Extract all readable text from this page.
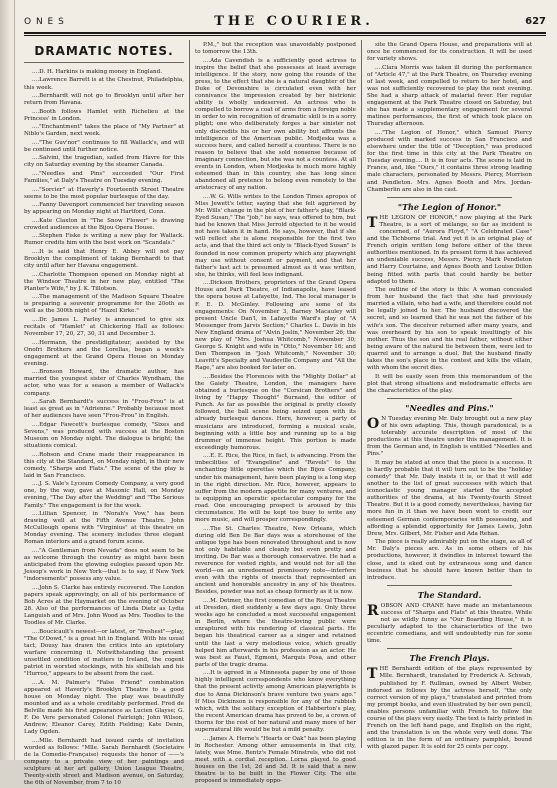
O N E S	THE COURIER.	627
DRAMATIC NOTES.

....D. H. Harkins is making money in England.

....Lawrence Barrett is at the Chestnut, Philadelphia, this week.

....Bernhardt will not go to Brooklyn until after her return from Havana.

....Booth follows Hamlet with Richelieu at the Princess' in London.

...."Enchantment" takes the place of "My Partner" at Niblo's Garden, next week.

...."The Guv'nor" continues to fill Wallack's, and will be continued until further notice.

....Salvini, the tragedian, sailed from Havre for this city on Saturday evening by the steamer Canada.

...."Needles and Pins" succeeded "Our First Families," at Daly's Theatre on Tuesday evening.

...."Sorcier" at Haverly's Fourteenth Street Theatre seems to be the most popular burlesque of the day.

....Fanny Davenport commenced her traveling season by appearing on Monday night at Hartford, Conn.

....Kate Claxton in "The Snow Flower" is drawing crowded audiences at the Bijou Opera House.

....Stephen Fiske is writing a new play for Wallack. Rumor credits him with the best work on "Scandals."

....It is said that Henry E. Abbey will not pay Brooklyn the compliment of taking Bernhardt to that city until after her Havana engagement.

....Charlotte Thompson opened on Monday night at the Windsor Theatre in her new play, entitled "The Planter's Wife," by J. K. Tillotson.

....The management of the Madison Square Theatre is preparing a souvenir programme for the 20oth as well as the 300th night of "Hazel Kirke."

....Dr. James L. Farley is announced to give six recitals of "Hamlet" at Chickering Hall as follows: November 17, 20, 27, 30, 31 and December 3.

....Hermann, the prestidigitateur, assisted by the Onofri Brothers and the Lorellas, began a week's engagement at the Grand Opera House on Monday evening.

....Bronson Howard, the dramatic author, has married the youngest sister of Charles Wyndham, the actor, who was for a season a member of Wallack's company.

....Sarah Bernhardt's success in "Frou-Frou" is at least as great as in "Adrienne." Probably because most of her audiences have seen "Frou-Frou" in English.

....Edgar Fawcett's burlesque comedy, "Sixes and Sevens," was produced with success at the Boston Museum on Monday night. The dialogue is bright; the situations comical.

....Robson and Crane made their reappearance in this city at the Standard, on Monday night, in their new comedy, "Sharps and Flats." The scene of the play is laid in San Francisco.

....J. S. Vale's Lyceum Comedy Company, a very good one, by the way, gave at Masonic Hall, on Monday evening, "The Day after the Wedding" and "The Serious Family." The engagement is for the week.

....Lillian Spencer, in "Norah's Vow," has been drawing well at the Fifth Avenue Theatre. John McCullough opens with "Virginius" at this theatre on Monday evening. The scenery includes three elegant Roman interiors and a grand forum scene.

...."A Gentleman from Nevada" does not seem to be as welcome through the country as might have been anticipated from the glowing eulogies passed upon Mr. Jessop's work in New York—that is to say, if New York "indorsements" possess any value.

....John S. Clarke has entirely recovered. The London papers speak approvingly, on all of his performance of Bob Acres at the Haymarket on the evening of October 28. Also of the performances of Linda Dietz as Lydia Languish and of Mrs. John Wood as Mrs. Toodles to the Toodles of Mr. Clarke.

....Boucicault's newest—or latest, or "freshest"—play, "The O'Dowd," is a great hit in England. With his usual tact, Dousy has drawn the critics into an epistolary warfare concerning it. Notwithstanding the present unsettled condition of matters in Ireland, the cogent patriot in worsted stockings, with his shillelah and his "Hurroo," appears to be absent from the cast.

....A. M. Palmer's "False Friend" combination appeared at Haverly's Brooklyn Theatre to a good house on Monday night. The play was beautifully mounted and as a whole creditably performed. Fred de Belville made his first appearance as Lucien Glayse; G. F. De Vere personated Colonel Fairleigh; John Wilson, Andrew; Eleanor Carey, Edith Fielding; Kate Denin, Lady Ogden.

....Mlle. Bernhardt had issued cards of invitation worded as follows: "Mlle. Sarah Bernhardt (Societaire de la Comedie-Française) requests the honor of ——'s company to a private view of her paintings and sculpture at her art gallery, Union League Theatre, Twenty-sixth street and Madison avenue, on Saturday, the 6th of November, from 7 to 10

P.M.," but the reception was unavoidably postponed to tomorrow the 13th.

....Ada Cavendish is a sufficiently good actress to inspire the belief that she possesses at least average intelligence. If the story, now going the rounds of the press, to the effect that she is a natural daughter of the Duke of Devonshire is circulated even with her connivance the impression created by her histrionic ability is wholly undeserved. An actress who is compelled to borrow a coat of arms from a foreign noble in order to win recognition of dramatic skill is in a sorry plight; one who deliberately forges a bar sinister not only discredits his or her own ability but affronts the intelligence of the American public. Modjeska was a success here, and called herself a countess. There is no reason to believe that she sold nonsense because of imaginary connection, but she was not a countess. At all events in London, when Modjeska is much more highly esteemed than in this country, she has long since abandoned all pretence to belong even remotely to the aristocracy of any nation.

....W. G. Wills writes to the London Times apropos of Miss Jewett's letter, saying that she felt aggrieved by Mr. Wills' change in the plot of her father's play, "Black-Eyed Susan," The "job," he says, was offered to him, but had he known that Miss Jerrold objected to it he would not have taken it in hand. He says, however, that if she will reflect she is alone responsible for the first two acts, and that the third act only is "Black-Eyed Susan" is founded in now common property which any playwright may use without consent or payment, and that her father's last act is presumed almost as it was written, she, he thinks, will feel less indignant.

....Dickson Brothers, proprietors of the Grand Opera House and Park Theatre, of Indianapolis, have leased the opera house at Lafayette, Ind. The local manager is F. E. D. McGinley. Following are some of its engagements: On November 3, Barney Macauley will present Uncle Dan'l, in Lafayette Ward's play of "A Messenger from Jarvis Section;" Charles L. Davis in his New England drama of "Alvin Joslin," November 26; the new play of "Mrs. Joshua Whitcomb," November 30; George S. Knight and wife in "Otto," November 16; and Den Thompson in "Josh Whitcomb," November 30; Leavitt's Specialty and Vaudeville Company and "All the Rage," are also booked for later on.

....Besides the Florences with the "Mighty Dollar" at the Gaiety Theatre, London, the managers have obtained a burlesque on the "Corsican Brothers" and living by "Happy Thought" Burnand, the editor of Punch. As far as possible the original is pretty closely followed, the ball scene being seized upon with its already burlesque dances. Here, however, a party of musicians are introduced, forming a musical scale, beginning with a little boy and running up to a big drummer of immense height. This portion is made exceedingly humorous.

....E. E. Rice, the Rice, in fact, is advancing. From the imbecilities of "Evangeline" and "Revels" to the enchanting little operettas which the Bijou Company, under his management, have been playing is a long step in the right direction. Mr. Rice, however, appears to suffer from the modern appetite for many ventures, and is equipping an operatic spectacular company for the road. One encouraging prospect is aroused by this circumstance. He will be kept too busy to write any more music, and will prosper correspondingly.

....The St. Charles Theatre, New Orleans, which during old Ben De Bar days was a storehouse of the antique type has been renovated throughout and is now not only habitable and cleanly but even pretty and inviting. De Bar was a thorough conservative. He had a reverence for vested rights, and would not for all the world—on an unredeemed promissory note—interfere even with the rights of insects that represented an ancient and honorable ancestry in any of his theatres. Besides, powder was not as cheap formerly as it is now.

....M. Detmer, the first comedian of the Royal Theatre at Dresden, died suddenly a few days ago. Only three weeks ago he concluded a most successful engagement in Berlin, where the theatre-loving public were enraptured with his rendering of classical parts. He began his theatrical career as a singer and retained until the last a very melodious voice, which greatly helped him afterwards in his profession as an actor. He was best as Faust, Egmont, Marquis Posa, and other parts of the tragic drama.

....It is agreed in a Minnesota paper by one of those highly intelligent correspondents who know everything that the present activity among American playwrights is due to Anna Dickinson's brave venture two years ago." If Miss Dickinson is responsible for any of the rubbish which, with the solitary exception of Habberton's play, the recent American drama has proved to be, a crown of thorns for the rest of her natural and many more of her supernatural life would be but a mild penalty.

....James A. Herne's "Hearts or Oak" has been playing in Rochester. Among other amusements in that city, lately, was Mme. Rentz's Female Minstrels, who did not meet with a cordial reception. Lorna played to good houses on the 1st, 2d and 3d. It is said that a new theatre is to be built in the Flower City. The site proposed is immediately oppo-

site the Grand Opera House, and preparations will at once be commenced for its construction. It will be used for variety shows.

....Clara Morris was taken ill during the performance of "Article 47," at the Park Theatre, on Thursday evening of last week, and compelled to return to her hotel, and was not sufficiently recovered to play the next evening. She had a sharp attack of malarial fever. Her regular engagement at the Park Theatre closed on Saturday, but she has made a supplementary engagement for several matinee performances, the first of which took place on Thursday afternoon.

...."The Legion of Honor," which Samuel Piercy produced with marked success in San Francisco and elsewhere under the title of "Deception," was produced for the first time in this city at the Park Theatre on Tuesday evening.... It is in four acts. The scene is laid in France, and, like "Ours," it contains three strong leading male characters, personated by Messrs. Piercy, Morrison and Pendleton. Mrs. Agnes Booth and Mrs. Jordan-Chamberlin are also in the cast.

"The Legion of Honor."

THE LEGION OF HONOR," now playing at the Park Theatre, is a sort of mélange, so far as incident is concerned, of "Aurora Floyd," "A Celebrated Case" and the Tichborne trial. And yet it is an original play of French origin written long before either of the three authorities mentioned. In its present form it has achieved an undeniable success, Messrs. Piercy, Mark Pendleton and Harry Courtaine, and Agnes Booth and Louise Dillon being fitted with parts that could hardly be better adapted to them.

The outline of the story is this: A woman concealed from her husband the fact that she had previously married a villain, who had a wife, and therefore could not be legally joined to her. The husband discovered the secret, and so learned that he was not the father of his wife's son. The deceiver returned after many years, and was overheard by his son to speak insultingly of his mother. Thus the son and his real father, without either being aware of the natural tie between them, were led to quarrel and to arrange a duel. But the husband finally takes the son's place in the contest and kills the villain, with whom the secret dies.

It will be easily seen from this memorandum of the plot that strong situations and melodramatic effects are the characteristics of the play.

"Needles and Pins."

O N Tuesday evening Mr. Daly brought out a new play of his own adapting. This, though paradoxical, is a tolerably accurate description of most of the productions at this theatre under this management. It is from the German and, in English is entitled "Needles and Pins."

It may be stated at once that the piece is a success. It is hardly probable that it will turn out to be the "holiday comedy" that Mr. Daly insists it is, or that it will add another to the list of great successes with which that iconoclastic young manager started the accepted authorities of the drama, at his Twenty-fourth Street Theatre. But it is a good comedy, nevertheless, having far more fun in it than we have been wont to credit our esteemed German contemporaries with possessing, and affording a splendid opportunity for James Lewis, John Drew, Mrs. Gilbert, Mr. Fisher and Ada Rehan.

The piece is really admirably put on the stage, as all of Mr. Daly's pieces are. As in some others of his productions, however, it dwindles in interest toward the close, and is eked out by extraneous song and dance business that he should have known better than to introduce.

The Standard.

ROBSON AND CRANE have made an instantaneous success of "Sharps and Flats" at this theatre. While not as wildly funny as "Our Boarding House," it is peculiarly adapted to the characteristics of the two eccentric comedians, and will undoubtedly run for some time.

The French Plays.

THE Bernhardt edition of the plays represented by Mlle. Bernhardt, translated by Frederick A. Schwab, published by F. Rullman, owned by Albert Weber, indorsed as follows by the actress herself, "the only correct version of my plays," translated and printed from my prompt books, and even illustrated by her own pencil, enables persons unfamiliar with French to follow the course of the plays very easily. The text is fairly printed in French on the left hand page, and English on the right, and the translation is on the whole very well done. The edition is in the form of an ordinary pamphlet, bound with glazed paper. It is sold for 25 cents per copy.
